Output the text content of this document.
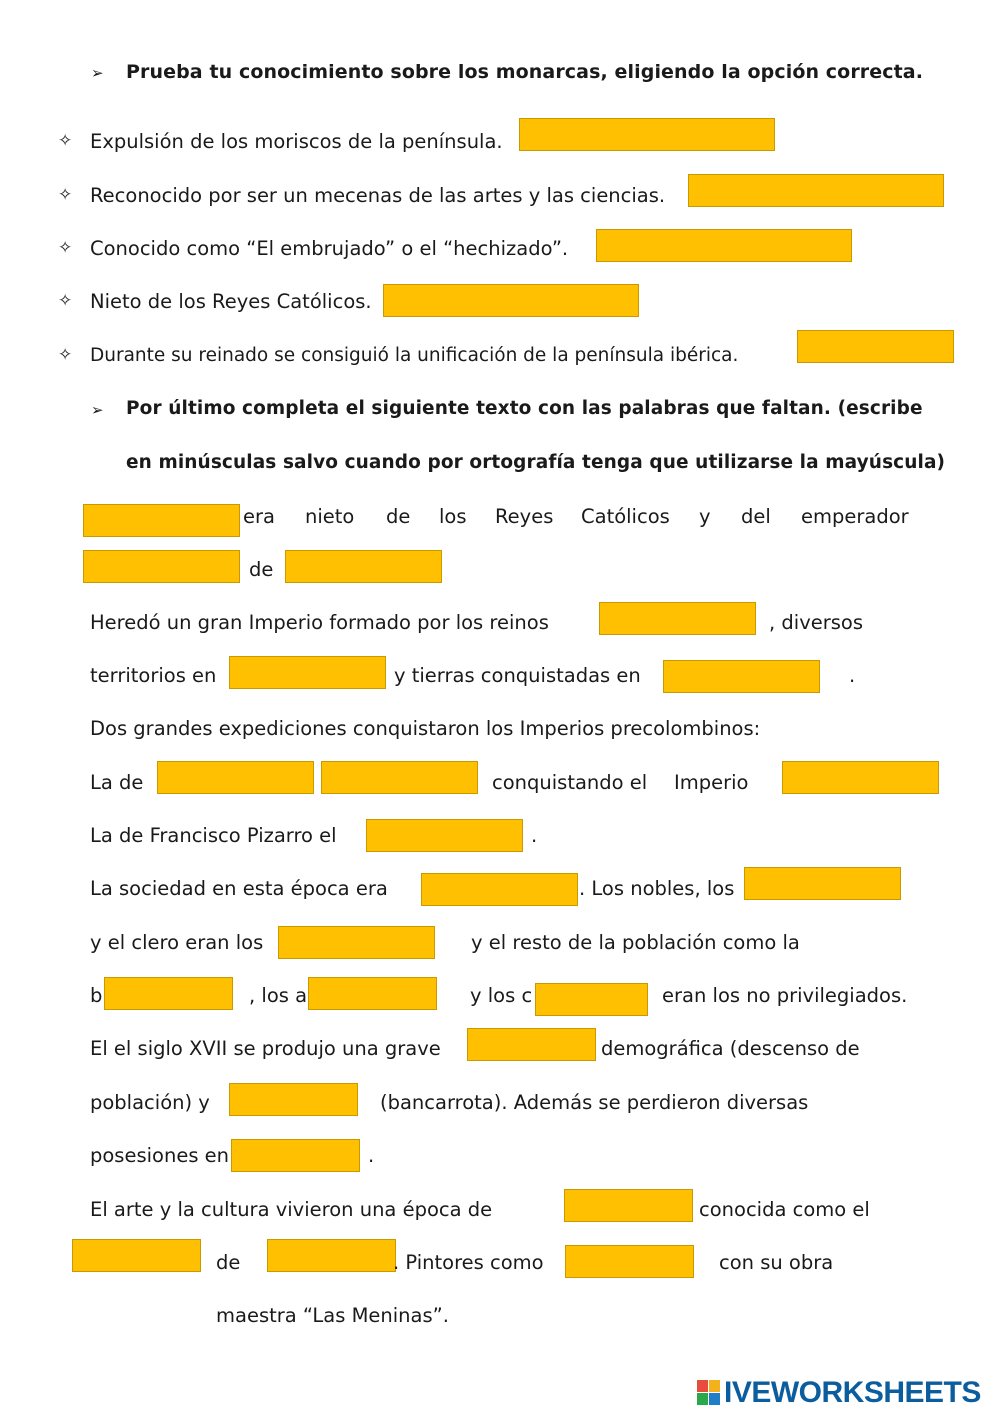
➢ Prueba tu conocimiento sobre los monarcas, eligiendo la opción correcta.
✧ Expulsión de los moriscos de la península.
✧ Reconocido por ser un mecenas de las artes y las ciencias.
✧ Conocido como “El embrujado” o el “hechizado”.
✧ Nieto de los Reyes Católicos.
✧ Durante su reinado se consiguió la unificación de la península ibérica.
➢ Por último completa el siguiente texto con las palabras que faltan. (escribe
en minúsculas salvo cuando por ortografía tenga que utilizarse la mayúscula)
era nieto de los Reyes Católicos y del emperador
de
Heredó un gran Imperio formado por los reinos	, diversos
territorios en	y tierras conquistadas en	.
Dos grandes expediciones conquistaron los Imperios precolombinos:
La de	conquistando el Imperio
La de Francisco Pizarro el	.
La sociedad en esta época era	. Los nobles, los
y el clero eran los	y el resto de la población como la
b	, los a	y los c	eran los no privilegiados.
El el siglo XVII se produjo una grave	demográfica (descenso de
población) y	(bancarrota). Además se perdieron diversas
posesiones en	.
El arte y la cultura vivieron una época de	conocida como el
de	. Pintores como	con su obra
maestra “Las Meninas”.
IVEWORKSHEETS
